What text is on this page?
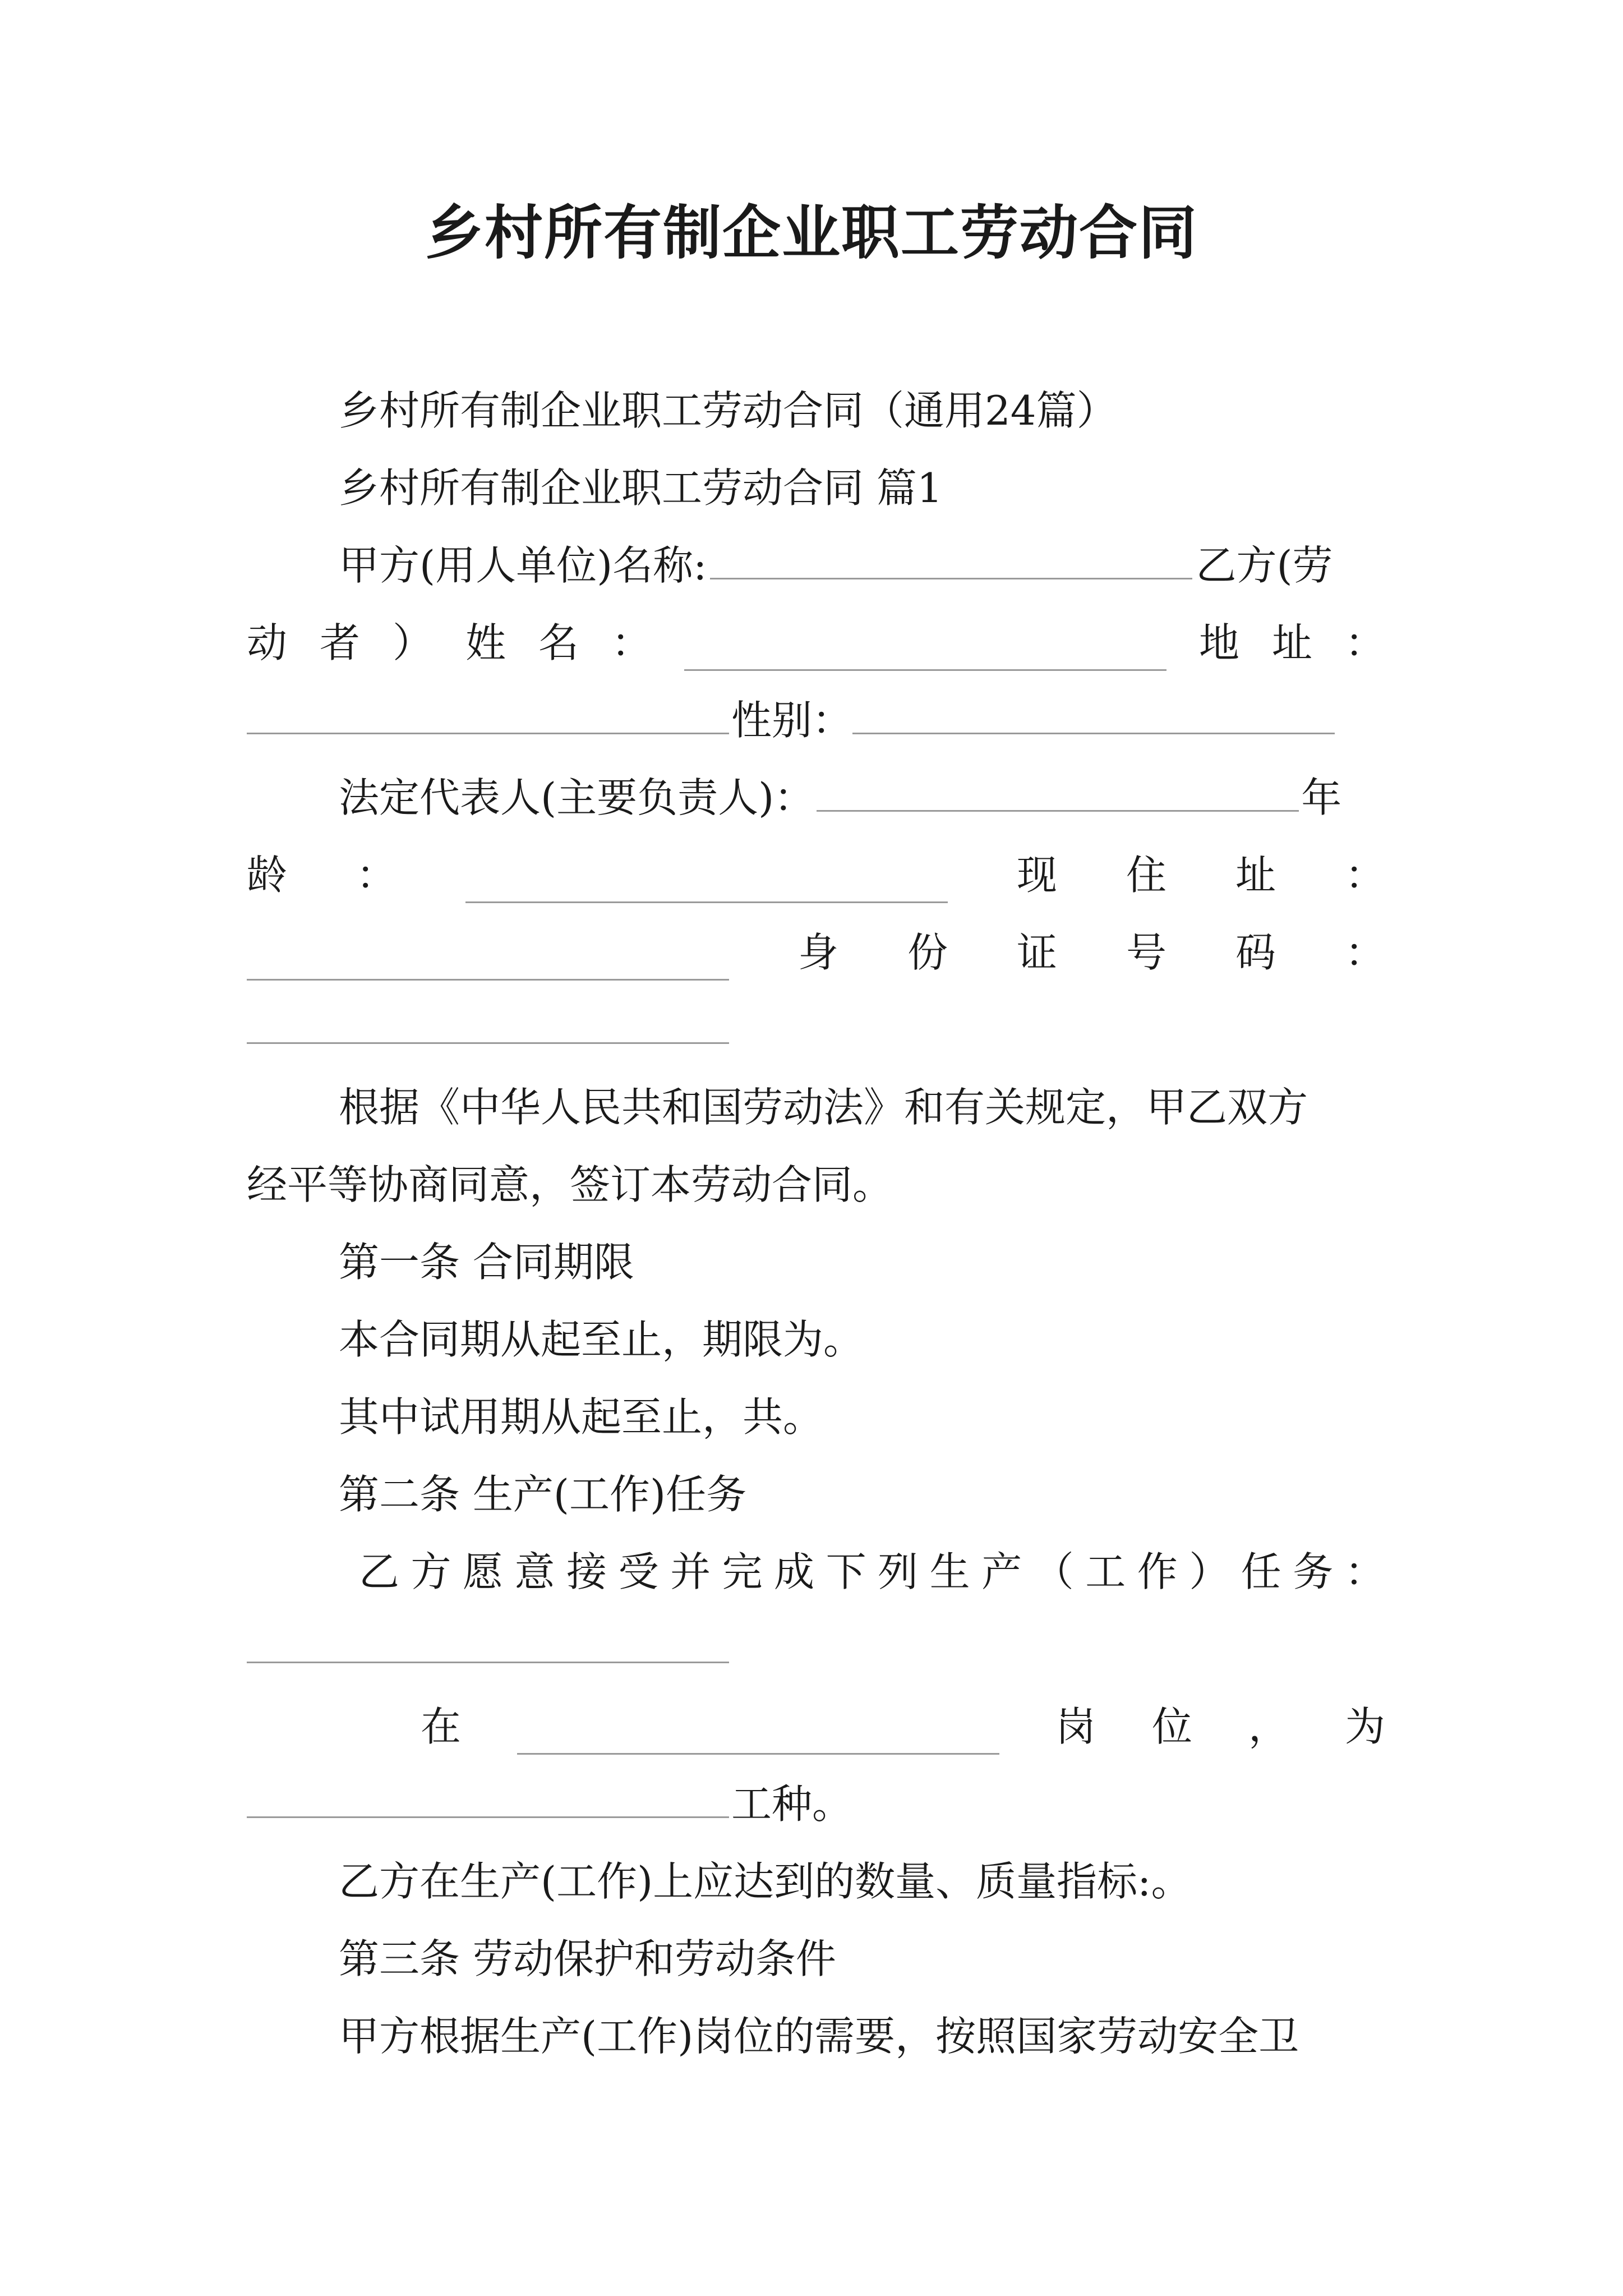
乡村所有制企业职工劳动合同

乡村所有制企业职工劳动合同（通用24篇）

乡村所有制企业职工劳动合同 篇1

甲方(用人单位)名称:	乙方(劳
动 者 ） 姓 名 ：	地 址 ：
性别：
法定代表人(主要负责人)：	年
龄 ：	现 住 址 ：
身 份 证 号 码 ：

根据《中华人民共和国劳动法》和有关规定，甲乙双方

经平等协商同意，签订本劳动合同。

第一条 合同期限

本合同期从起至止，期限为。

其中试用期从起至止，共。

第二条 生产(工作)任务

乙 方 愿 意 接 受 并 完 成 下 列 生 产 （ 工 作 ） 任 务 ：
在	岗 位 ， 为
工种。

乙方在生产(工作)上应达到的数量、质量指标:。

第三条 劳动保护和劳动条件

甲方根据生产(工作)岗位的需要，按照国家劳动安全卫
